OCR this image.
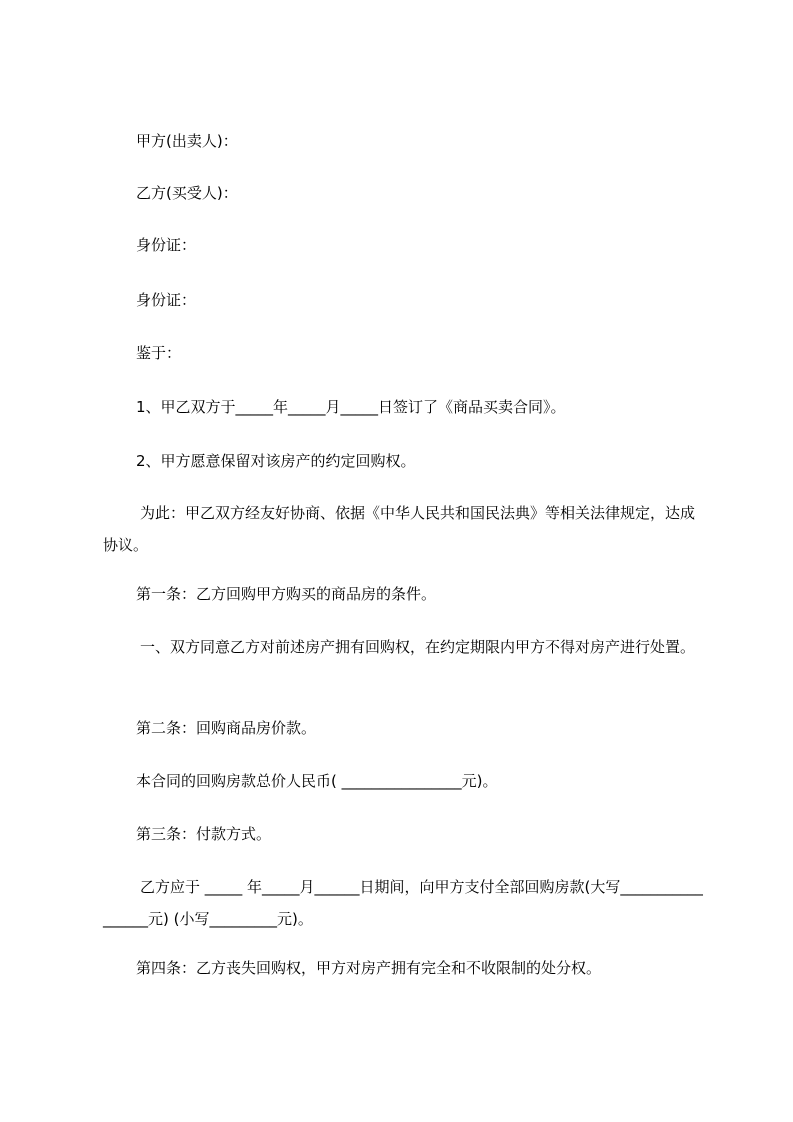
甲方(出卖人)：
乙方(买受人)：
身份证：
身份证：
鉴于：
1、甲乙双方于_____年_____月_____日签订了《商品买卖合同》。
2、甲方愿意保留对该房产的约定回购权。
为此：甲乙双方经友好协商、依据《中华人民共和国民法典》等相关法律规定，达成协议。
第一条：乙方回购甲方购买的商品房的条件。
一、双方同意乙方对前述房产拥有回购权，在约定期限内甲方不得对房产进行处置。
第二条：回购商品房价款。
本合同的回购房款总价人民币( ________________元)。
第三条：付款方式。
乙方应于 _____ 年_____月______日期间，向甲方支付全部回购房款(大写_________________元) (小写_________元)。
第四条：乙方丧失回购权，甲方对房产拥有完全和不收限制的处分权。
